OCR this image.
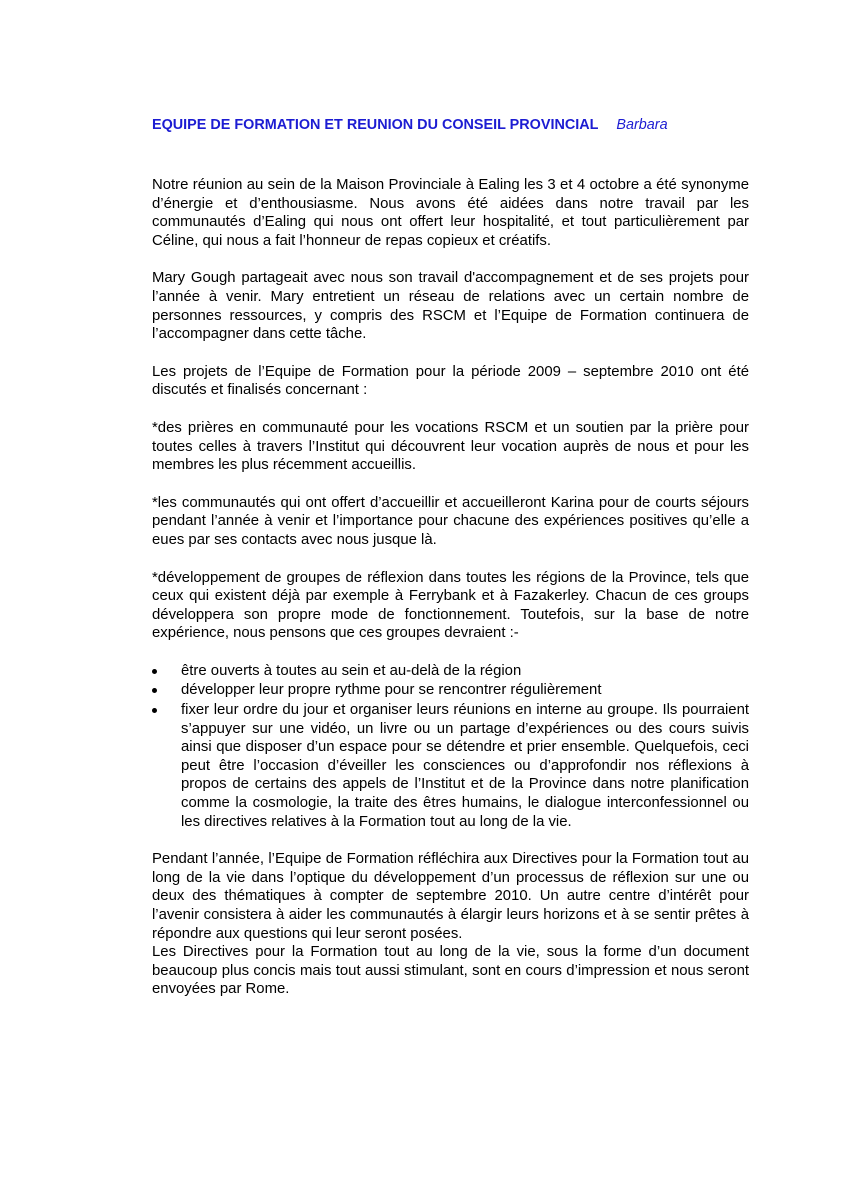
EQUIPE DE FORMATION ET REUNION DU CONSEIL PROVINCIAL Barbara

Notre réunion au sein de la Maison Provinciale à Ealing les 3 et 4 octobre a été synonyme d’énergie et d’enthousiasme. Nous avons été aidées dans notre travail par les communautés d’Ealing qui nous ont offert leur hospitalité, et tout particulièrement par Céline, qui nous a fait l’honneur de repas copieux et créatifs.

Mary Gough partageait avec nous son travail d'accompagnement et de ses projets pour l’année à venir. Mary entretient un réseau de relations avec un certain nombre de personnes ressources, y compris des RSCM et l’Equipe de Formation continuera de l’accompagner dans cette tâche.

Les projets de l’Equipe de Formation pour la période 2009 – septembre 2010 ont été discutés et finalisés concernant :

*des prières en communauté pour les vocations RSCM et un soutien par la prière pour toutes celles à travers l’Institut qui découvrent leur vocation auprès de nous et pour les membres les plus récemment accueillis.

*les communautés qui ont offert d’accueillir et accueilleront Karina pour de courts séjours pendant l’année à venir et l’importance pour chacune des expériences positives qu’elle a eues par ses contacts avec nous jusque là.

*développement de groupes de réflexion dans toutes les régions de la Province, tels que ceux qui existent déjà par exemple à Ferrybank et à Fazakerley. Chacun de ces groups développera son propre mode de fonctionnement. Toutefois, sur la base de notre expérience, nous pensons que ces groupes devraient :-

être ouverts à toutes au sein et au-delà de la région
développer leur propre rythme pour se rencontrer régulièrement
fixer leur ordre du jour et organiser leurs réunions en interne au groupe. Ils pourraient s’appuyer sur une vidéo, un livre ou un partage d’expériences ou des cours suivis ainsi que disposer d’un espace pour se détendre et prier ensemble. Quelquefois, ceci peut être l’occasion d’éveiller les consciences ou d’approfondir nos réflexions à propos de certains des appels de l’Institut et de la Province dans notre planification comme la cosmologie, la traite des êtres humains, le dialogue interconfessionnel ou les directives relatives à la Formation tout au long de la vie.

Pendant l’année, l’Equipe de Formation réfléchira aux Directives pour la Formation tout au long de la vie dans l’optique du développement d’un processus de réflexion sur une ou deux des thématiques à compter de septembre 2010. Un autre centre d’intérêt pour l’avenir consistera à aider les communautés à élargir leurs horizons et à se sentir prêtes à répondre aux questions qui leur seront posées.

Les Directives pour la Formation tout au long de la vie, sous la forme d’un document beaucoup plus concis mais tout aussi stimulant, sont en cours d’impression et nous seront envoyées par Rome.
